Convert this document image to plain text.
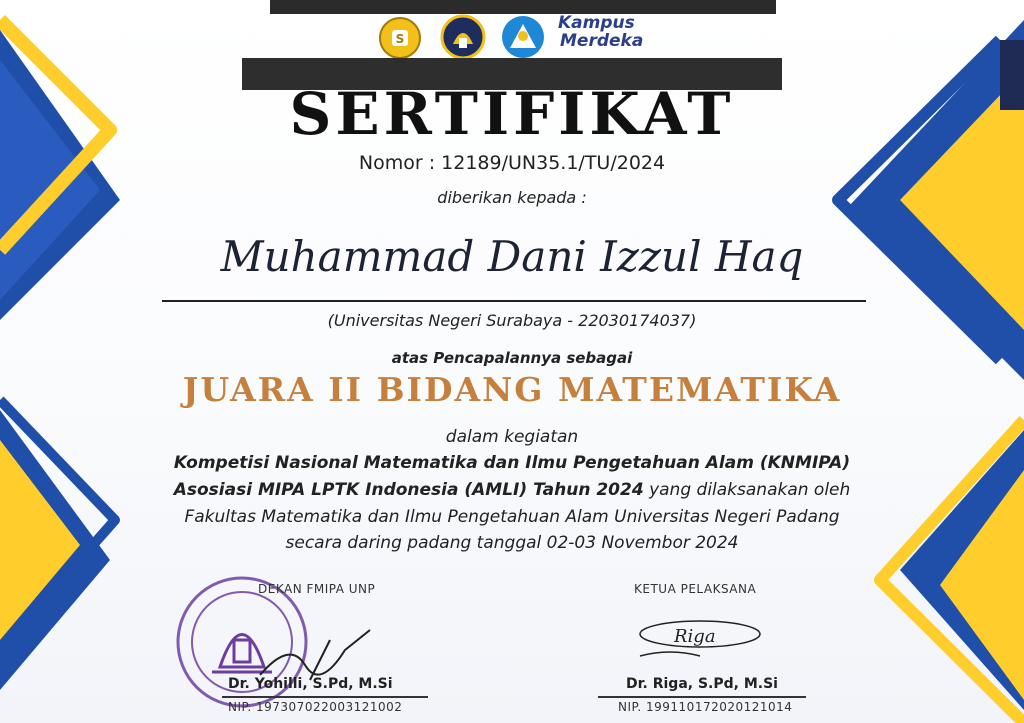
S
Kampus
Merdeka
SERTIFIKAT
Nomor : 12189/UN35.1/TU/2024
diberikan kepada :
Muhammad Dani Izzul Haq
(Universitas Negeri Surabaya - 22030174037)
atas Pencapalannya sebagai
JUARA II BIDANG MATEMATIKA
dalam kegiatan
Kompetisi Nasional Matematika dan Ilmu Pengetahuan Alam (KNMIPA)
Asosiasi MIPA LPTK Indonesia (AMLI) Tahun 2024 yang dilaksanakan oleh
Fakultas Matematika dan Ilmu Pengetahuan Alam Universitas Negeri Padang
secara daring padang tanggal 02-03 Novembor 2024
DEKAN FMIPA UNP
Dr. Yohilli, S.Pd, M.Si
NIP. 197307022003121002
KETUA PELAKSANA
Riga
Dr. Riga, S.Pd, M.Si
NIP. 199110172020121014
